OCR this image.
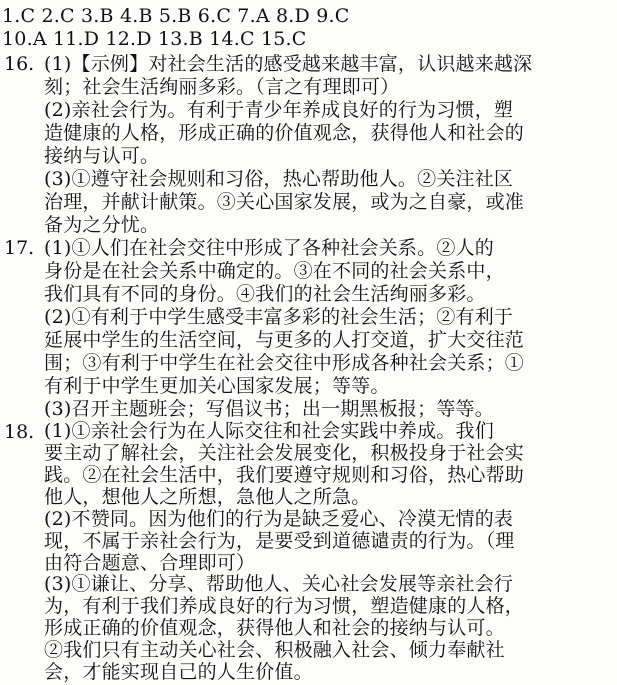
1.C 2.C 3.B 4.B 5.B 6.C 7.A 8.D 9.C
10.A 11.D 12.D 13.B 14.C 15.C
16. (1)【示例】对社会生活的感受越来越丰富，认识越来越深
刻；社会生活绚丽多彩。（言之有理即可）
(2)亲社会行为。有利于青少年养成良好的行为习惯，塑
造健康的人格，形成正确的价值观念，获得他人和社会的
接纳与认可。
(3)①遵守社会规则和习俗，热心帮助他人。②关注社区
治理，并献计献策。③关心国家发展，或为之自豪，或准
备为之分忧。
17. (1)①人们在社会交往中形成了各种社会关系。②人的
身份是在社会关系中确定的。③在不同的社会关系中，
我们具有不同的身份。④我们的社会生活绚丽多彩。
(2)①有利于中学生感受丰富多彩的社会生活；②有利于
延展中学生的生活空间，与更多的人打交道，扩大交往范
围；③有利于中学生在社会交往中形成各种社会关系；①
有利于中学生更加关心国家发展；等等。
(3)召开主题班会；写倡议书；出一期黑板报；等等。
18. (1)①亲社会行为在人际交往和社会实践中养成。我们
要主动了解社会，关注社会发展变化，积极投身于社会实
践。②在社会生活中，我们要遵守规则和习俗，热心帮助
他人，想他人之所想，急他人之所急。
(2)不赞同。因为他们的行为是缺乏爱心、冷漠无情的表
现，不属于亲社会行为，是要受到道德谴责的行为。（理
由符合题意、合理即可）
(3)①谦让、分享、帮助他人、关心社会发展等亲社会行
为，有利于我们养成良好的行为习惯，塑造健康的人格，
形成正确的价值观念，获得他人和社会的接纳与认可。
②我们只有主动关心社会、积极融入社会、倾力奉献社
会，才能实现自己的人生价值。
